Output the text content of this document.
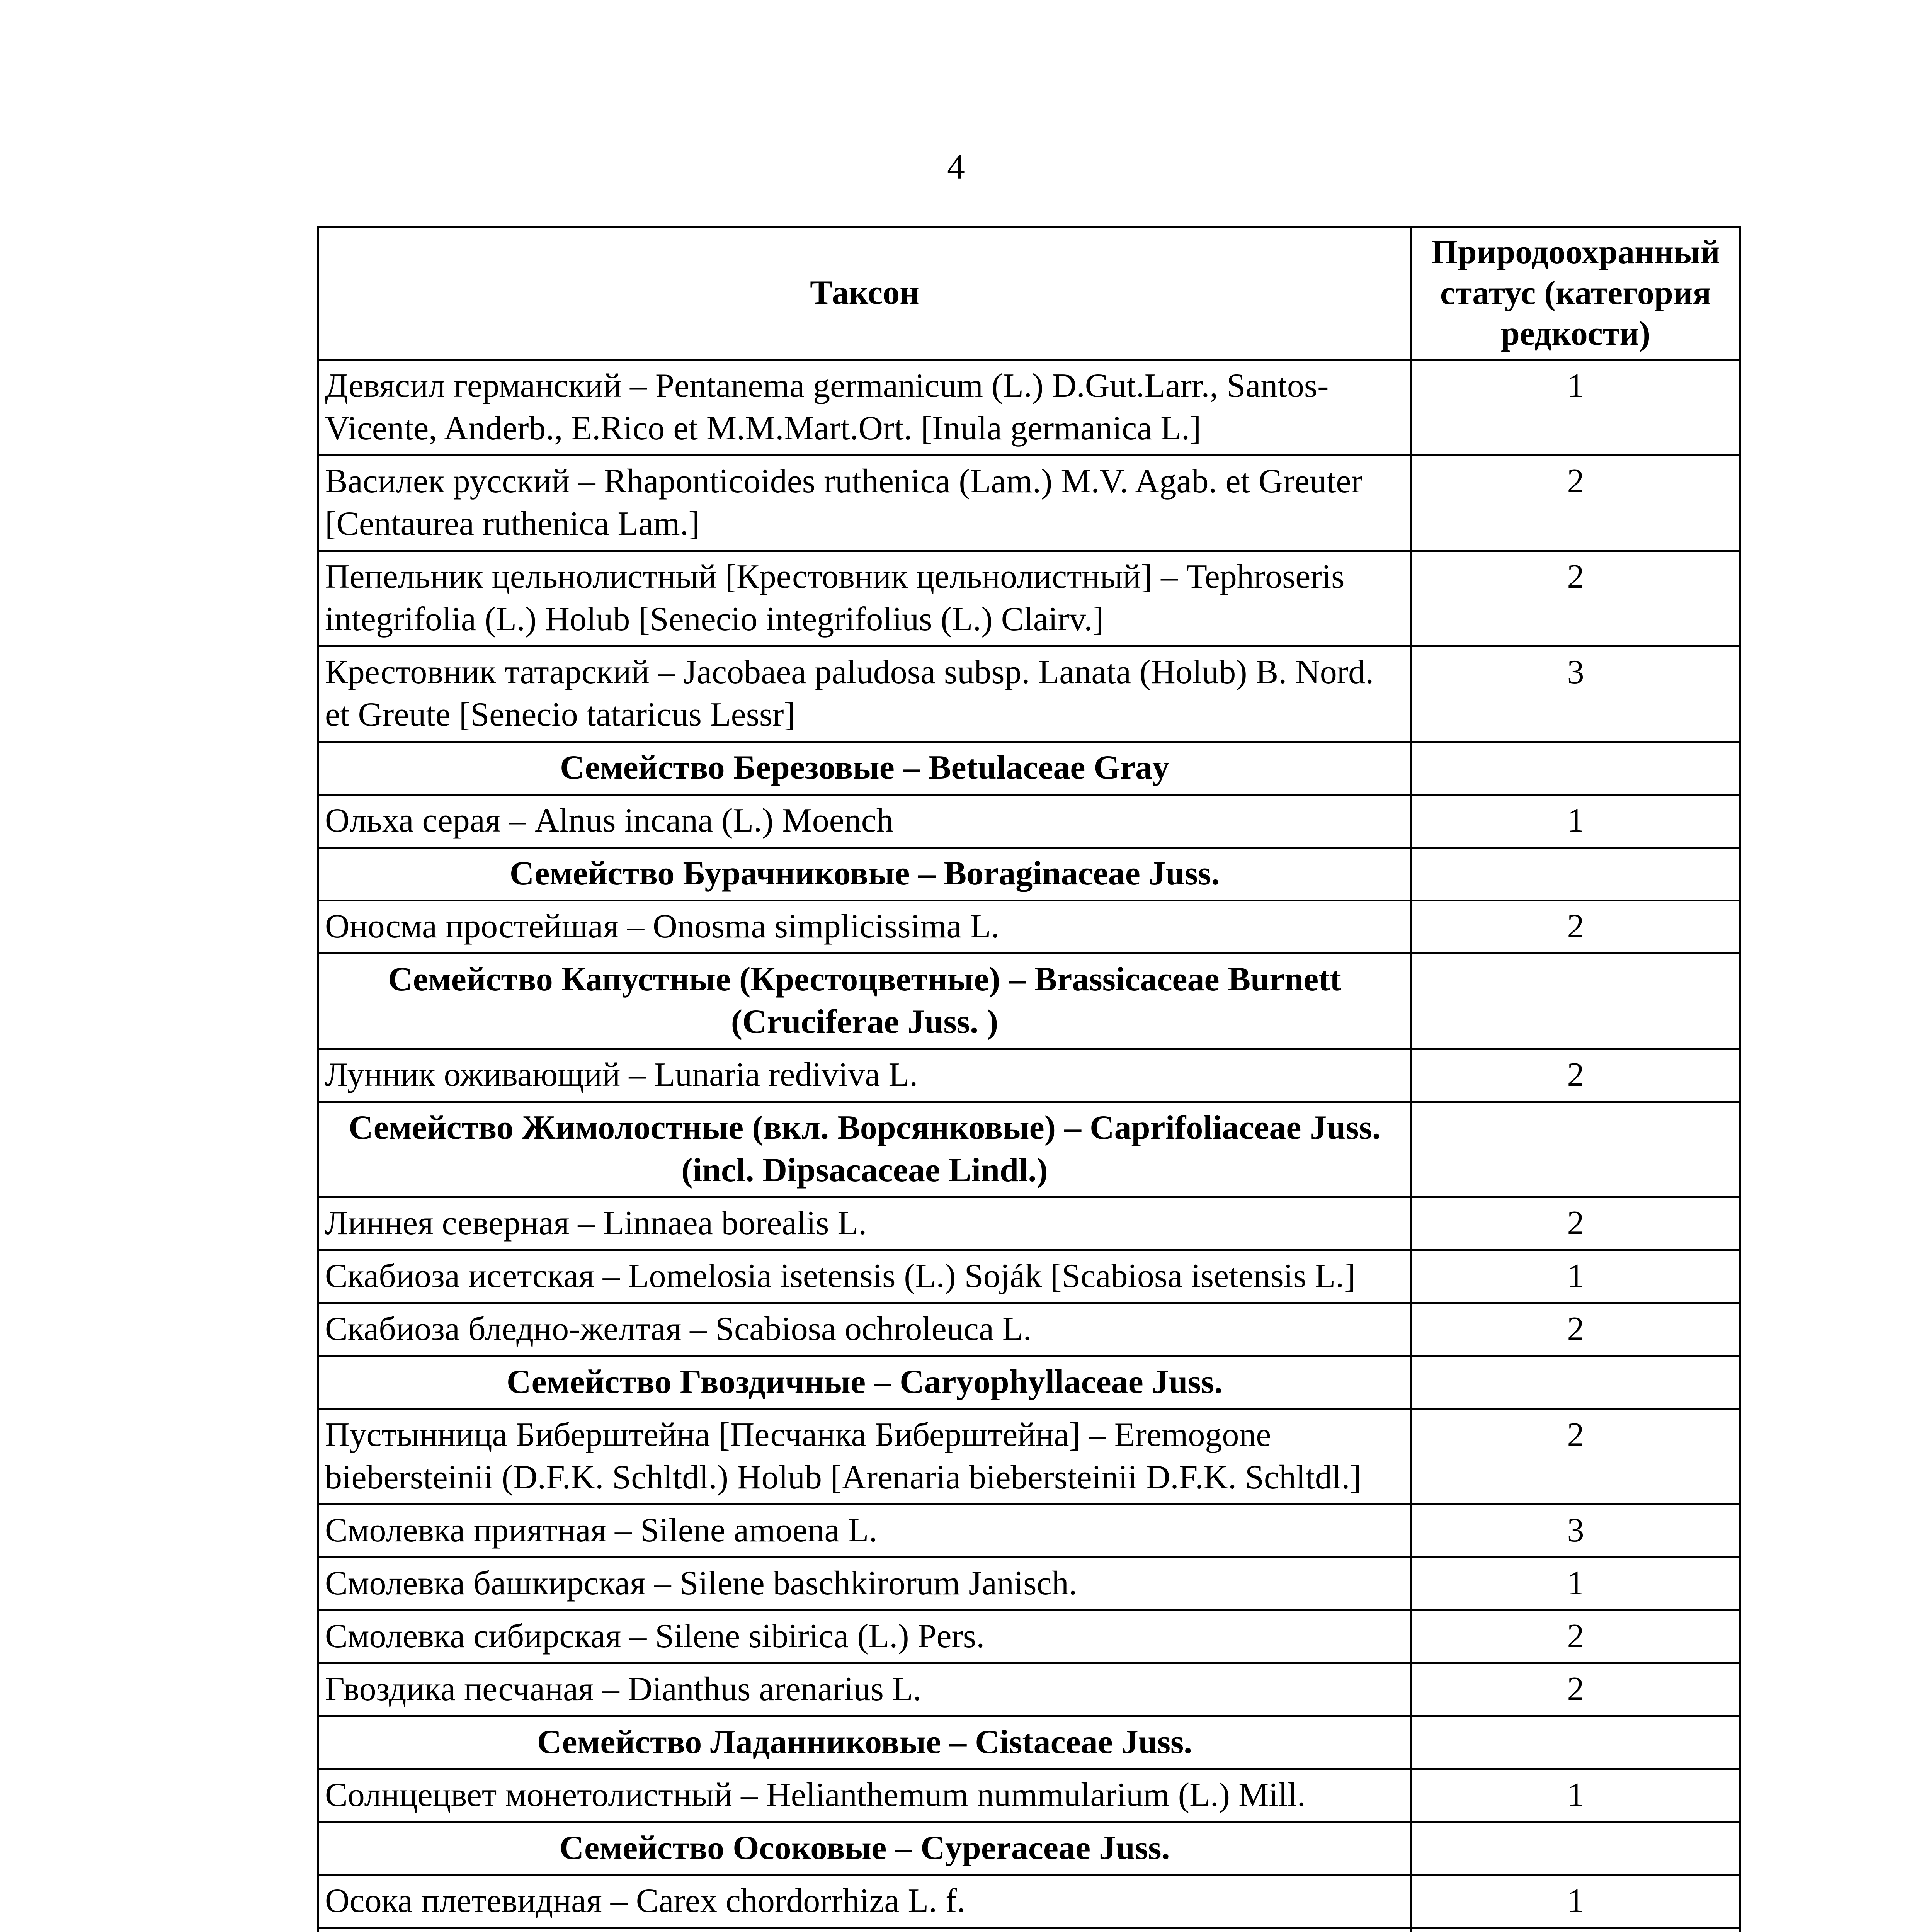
4
Таксон	Природоохранный статус (категория редкости)
Девясил германский – Pentanema germanicum (L.) D.Gut.Larr., Santos-Vicente, Anderb., E.Rico et M.M.Mart.Ort. [Inula germanica L.]	1
Василек русский – Rhaponticoides ruthenica (Lam.) M.V. Agab. et Greuter [Centaurea ruthenica Lam.]	2
Пепельник цельнолистный [Крестовник цельнолистный] – Tephroseris integrifolia (L.) Holub [Senecio integrifolius (L.) Clairv.]	2
Крестовник татарский – Jacobaea paludosa subsp. Lanata (Holub) B. Nord. et Greute [Senecio tataricus Lessr]	3
Семейство Березовые – Betulaceae Gray	
Ольха серая – Alnus incana (L.) Moench	1
Семейство Бурачниковые – Boraginaceae Juss.	
Оносма простейшая – Onosma simplicissima L.	2
Семейство Капустные (Крестоцветные) – Brassicaceae Burnett (Cruciferae Juss. )	
Лунник оживающий – Lunaria rediviva L.	2
Семейство Жимолостные (вкл. Ворсянковые) – Caprifoliaceae Juss. (incl. Dipsacaceae Lindl.)	
Линнея северная – Linnaea borealis L.	2
Скабиоза исетская – Lomelosia isetensis (L.) Soják [Scabiosa isetensis L.]	1
Скабиоза бледно-желтая – Scabiosa ochroleuca L.	2
Семейство Гвоздичные – Caryophyllaceae Juss.	
Пустынница Биберштейна [Песчанка Биберштейна] – Eremogone biebersteinii (D.F.K. Schltdl.) Holub [Arenaria biebersteinii D.F.K. Schltdl.]	2
Смолевка приятная – Silene amoena L.	3
Смолевка башкирская – Silene baschkirorum Janisch.	1
Смолевка сибирская – Silene sibirica (L.) Pers.	2
Гвоздика песчаная – Dianthus arenarius L.	2
Семейство Ладанниковые – Cistaceae Juss.	
Солнцецвет монетолистный – Helianthemum nummularium (L.) Mill.	1
Семейство Осоковые – Cyperaceae Juss.	
Осока плетевидная – Carex chordorrhiza L. f.	1
